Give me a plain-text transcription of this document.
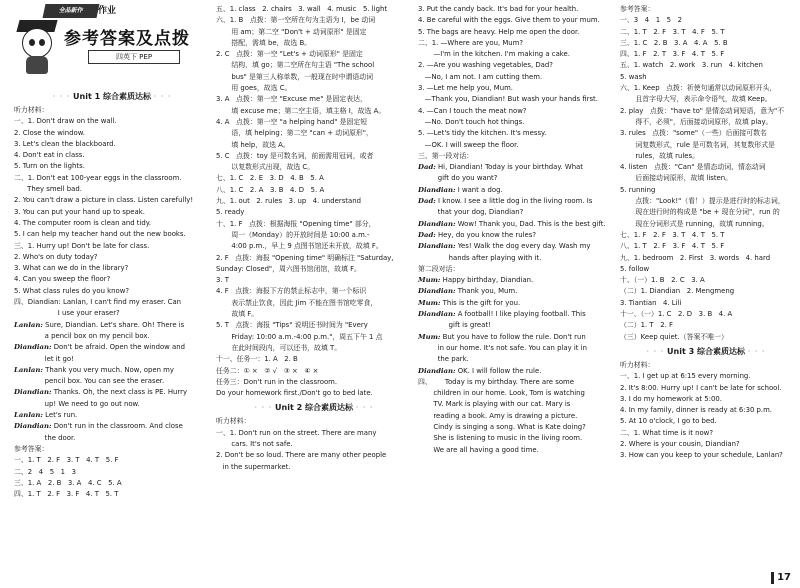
全品新作	作业
参考答案及点拨
四英下 PEP
· · · Unit 1 综合素质达标 · · ·
听力材料：
一、1. Don't draw on the wall.
2. Close the window.
3. Let's clean the blackboard.
4. Don't eat in class.
5. Turn on the lights.
二、1. Don't eat 100-year eggs in the classroom.
They smell bad.
2. You can't draw a picture in class. Listen carefully!
3. You can put your hand up to speak.
4. The computer room is clean and tidy.
5. I can help my teacher hand out the new books.
三、1. Hurry up! Don't be late for class.
2. Who's on duty today?
3. What can we do in the library?
4. Can you sweep the floor?
5. What class rules do you know?
四、Diandian: Lanlan, I can't find my eraser. Can
I use your eraser?
Lanlan: Sure, Diandian. Let's share. Oh! There is
a pencil box on my pencil box.
Diandian: Don't be afraid. Open the window and
let it go!
Lanlan: Thank you very much. Now, open my
pencil box. You can see the eraser.
Diandian: Thanks. Oh, the next class is PE. Hurry
up! We need to go out now.
Lanlan: Let's run.
Diandian: Don't run in the classroom. And close
the door.
参考答案：
一、1. T   2. F   3. T   4. T   5. F
二、2   4   5   1   3
三、1. A   2. B   3. A   4. C   5. A
四、1. T   2. F   3. F   4. T   5. T
五、1. class   2. chairs   3. wall   4. music   5. light
六、1. B   点拨：第一空所在句为主语为 I，be 动词
用 am；第二空 "Don't + 动词原形" 是固定
搭配，需填 be，故选 B。
2. C   点拨：第一空 "Let's + 动词原形" 是固定
结构，填 go；第二空所在句主语 "The school
bus" 是第三人称单数，一般现在时中谓语动词
用 goes，故选 C。
3. A   点拨：第一空 "Excuse me" 是固定表达，
填 excuse me；第二空主语，填主格 I，故选 A。
4. A   点拨：第一空 "a helping hand" 是固定短
语，填 helping；第二空 "can + 动词原形"，
填 help，故选 A。
5. C   点拨：toy 是可数名词，前面需用冠词，或者
以复数形式出现，故选 C。
七、1. C   2. E   3. D   4. B   5. A
八、1. C   2. A   3. B   4. D   5. A
九、1. out   2. rules   3. up   4. understand
5. ready
十、1. F   点拨：根据海报 "Opening time" 部分，
周一（Monday）的开放时间是 10:00 a.m.-
4:00 p.m.，早上 9 点图书馆还未开放，故填 F。
2. F   点拨：海报 "Opening time" 明确标注 "Saturday,
Sunday: Closed"，周六图书馆闭馆，故填 F。
3. T
4. F   点拨：海报下方的禁止标志中，第一个标识
表示禁止饮食，因此 Jim 不能在图书馆吃零食，
故填 F。
5. T   点拨：海报 "Tips" 说明还书时间为 "Every
Friday: 10:00 a.m.-4:00 p.m."，周五下午 1 点
在此时间段内，可以还书，故填 T。
十一、任务一：1. A   2. B
任务二：① ×   ② √   ③ ×   ④ ×
任务三：Don't run in the classroom.
Do your homework first./Don't go to bed late.
· · · Unit 2 综合素质达标 · · ·
听力材料：
一、1. Don't run on the street. There are many
cars. It's not safe.
2. Don't be so loud. There are many other people
in the supermarket.
3. Put the candy back. It's bad for your health.
4. Be careful with the eggs. Give them to your mum.
5. The bags are heavy. Help me open the door.
二、1. —Where are you, Mum?
—I'm in the kitchen. I'm making a cake.
2. —Are you washing vegetables, Dad?
—No, I am not. I am cutting them.
3. —Let me help you, Mum.
—Thank you, Diandian! But wash your hands first.
4. —Can I touch the meat now?
—No. Don't touch hot things.
5. —Let's tidy the kitchen. It's messy.
—OK. I will sweep the floor.
三、第一段对话：
Dad: Hi, Diandian! Today is your birthday. What
gift do you want?
Diandian: I want a dog.
Dad: I know. I see a little dog in the living room. Is
that your dog, Diandian?
Diandian: Wow! Thank you, Dad. This is the best gift.
Dad: Hey, do you know the rules?
Diandian: Yes! Walk the dog every day. Wash my
hands after playing with it.
第二段对话：
Mum: Happy birthday, Diandian.
Diandian: Thank you, Mum.
Mum: This is the gift for you.
Diandian: A football! I like playing football. This
gift is great!
Mum: But you have to follow the rule. Don't run
in our home. It's not safe. You can play it in
the park.
Diandian: OK. I will follow the rule.
四、      Today is my birthday. There are some
children in our home. Look, Tom is watching
TV. Mark is playing with our cat. Mary is
reading a book. Amy is drawing a picture.
Cindy is singing a song. What is Kate doing?
She is listening to music in the living room.
We are all having a good time.
参考答案：
一、3   4   1   5   2
二、1. T   2. F   3. T   4. F   5. T
三、1. C   2. B   3. A   4. A   5. B
四、1. F   2. T   3. F   4. T   5. F
五、1. watch   2. work   3. run   4. kitchen
5. wash
六、1. Keep   点拨：祈使句通常以动词原形开头，
且首字母大写，表示命令语气，故填 Keep。
2. play   点拨："have to" 是情态动词短语，意为"不
得不，必须"，后面接动词原形，故填 play。
3. rules   点拨："some"（一些）后面接可数名
词复数形式，rule 是可数名词，其复数形式是
rules，故填 rules。
4. listen   点拨："Can" 是情态动词，情态动词
后面接动词原形，故填 listen。
5. running
点拨："Look!"（看！）提示是进行时的标志词，
现在进行时的构成是 "be + 现在分词"，run 的
现在分词形式是 running，故填 running。
七、1. F   2. F   3. T   4. T   5. T
八、1. T   2. F   3. F   4. T   5. F
九、1. bedroom   2. First   3. words   4. hard
5. follow
十、（一）1. B   2. C   3. A
（二）1. Diandian   2. Mengmeng
3. Tiantian   4. Lili
十一、（一）1. C   2. D   3. B   4. A
（二）1. T   2. F
（三）Keep quiet.（答案不唯一）
· · · Unit 3 综合素质达标 · · ·
听力材料：
一、1. I get up at 6:15 every morning.
2. It's 8:00. Hurry up! I can't be late for school.
3. I do my homework at 5:00.
4. In my family, dinner is ready at 6:30 p.m.
5. At 10 o'clock, I go to bed.
二、1. What time is it now?
2. Where is your cousin, Diandian?
3. How can you keep to your schedule, Lanlan?
17
